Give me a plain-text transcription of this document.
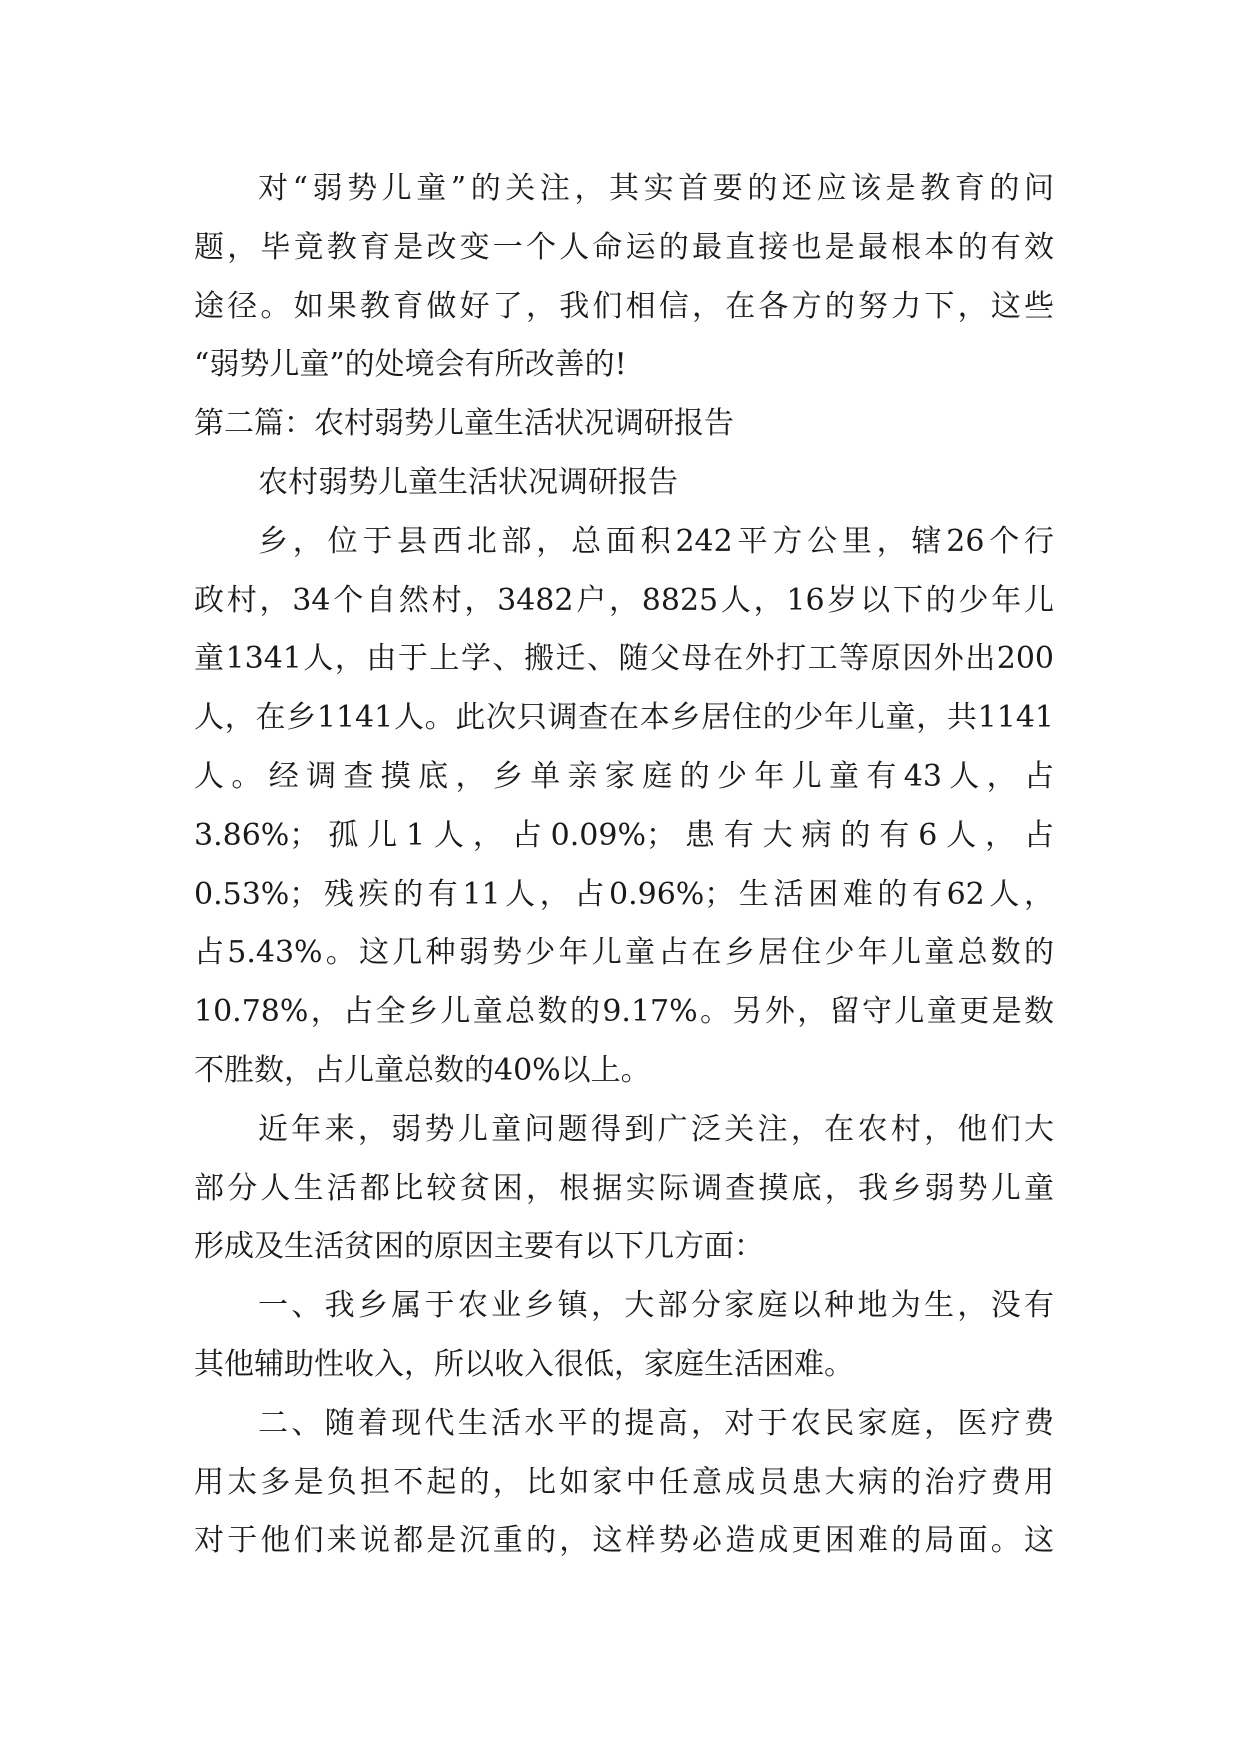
对“弱势儿童”的关注，其实首要的还应该是教育的问
题，毕竟教育是改变一个人命运的最直接也是最根本的有效
途径。如果教育做好了，我们相信，在各方的努力下，这些
“弱势儿童”的处境会有所改善的!
第二篇：农村弱势儿童生活状况调研报告
农村弱势儿童生活状况调研报告
乡，位于县西北部，总面积242平方公里，辖26个行
政村，34个自然村，3482户，8825人，16岁以下的少年儿
童1341人，由于上学、搬迁、随父母在外打工等原因外出200
人，在乡1141人。此次只调查在本乡居住的少年儿童，共1141
人。经调查摸底，乡单亲家庭的少年儿童有43人，占
3.86%；孤儿1人，占0.09%；患有大病的有6人，占
0.53%；残疾的有11人，占0.96%；生活困难的有62人，
占5.43%。这几种弱势少年儿童占在乡居住少年儿童总数的
10.78%，占全乡儿童总数的9.17%。另外，留守儿童更是数
不胜数，占儿童总数的40%以上。
近年来，弱势儿童问题得到广泛关注，在农村，他们大
部分人生活都比较贫困，根据实际调查摸底，我乡弱势儿童
形成及生活贫困的原因主要有以下几方面：
一、我乡属于农业乡镇，大部分家庭以种地为生，没有
其他辅助性收入，所以收入很低，家庭生活困难。
二、随着现代生活水平的提高，对于农民家庭，医疗费
用太多是负担不起的，比如家中任意成员患大病的治疗费用
对于他们来说都是沉重的，这样势必造成更困难的局面。这
